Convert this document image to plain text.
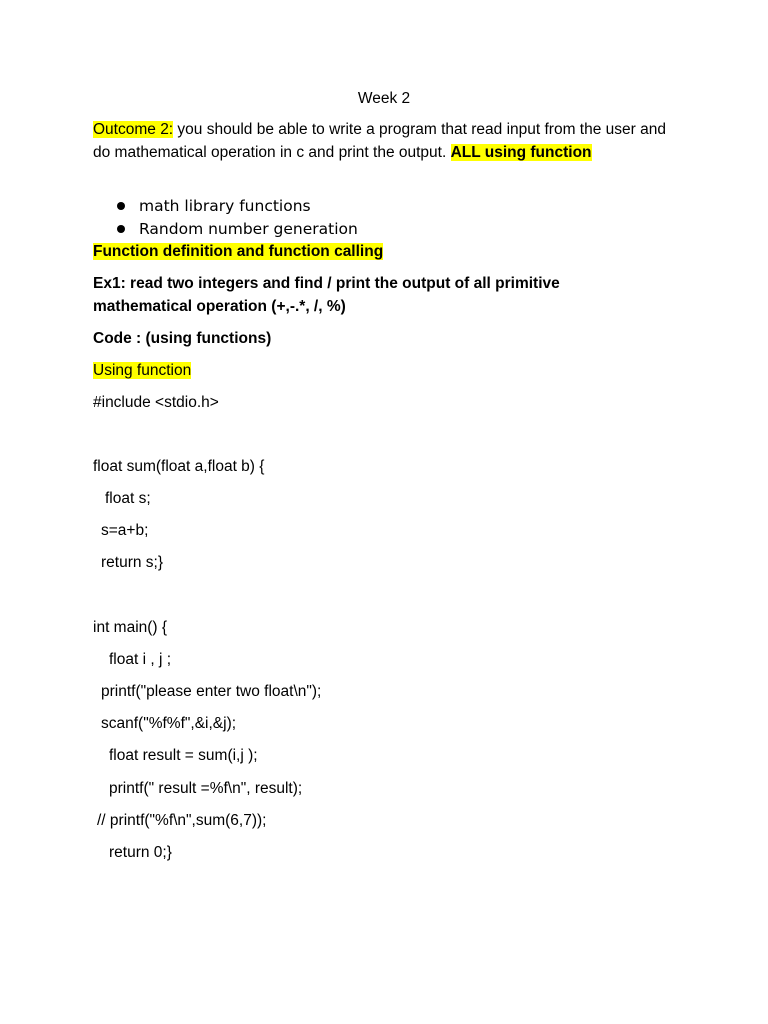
Week 2
Outcome 2: you should be able to write a program that read input from the user and do mathematical operation in c and print the output. ALL using function
math library functions
Random number generation
Function definition and function calling
Ex1: read two integers and find / print the output of all primitive mathematical operation (+,-.*, /, %)
Code : (using functions)
Using function
#include <stdio.h>
float sum(float a,float b) {
float s;
s=a+b;
return s;}
int main() {
float i , j ;
printf("please enter two float\n");
scanf("%f%f",&i,&j);
float result = sum(i,j );
printf(" result =%f\n", result);
// printf("%f\n",sum(6,7));
return 0;}
